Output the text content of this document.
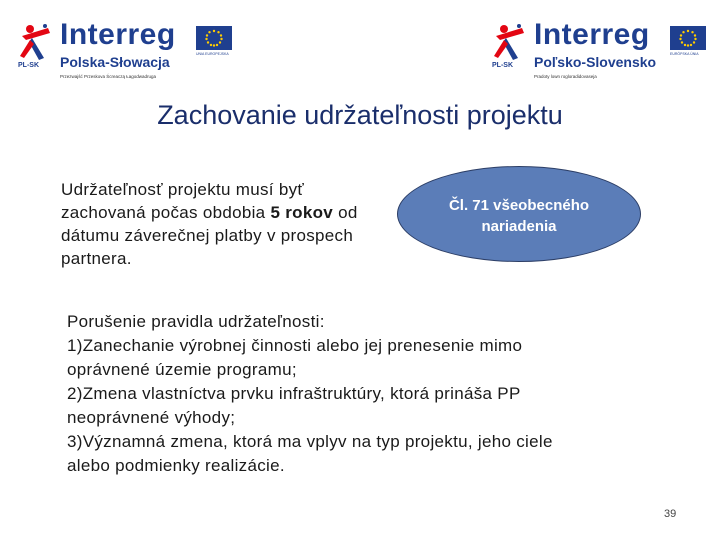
PL-SK
Interreg
Polska-Słowacja
Przezwajść Przeskova Ścreaczą Łagodwadruga
UNIA EUROPEJSKA
PL-SK
Interreg
Poľsko-Slovensko
Pradoty lown rogloradidovaseja
EURÓPSKA ÚNIA
Zachovanie udržateľnosti projektu
Udržateľnosť projektu musí byť zachovaná počas obdobia 5 rokov od dátumu záverečnej platby v prospech partnera.
Čl. 71 všeobecného nariadenia
Porušenie pravidla udržateľnosti:
1)Zanechanie výrobnej činnosti alebo jej prenesenie mimo
oprávnené územie programu;
2)Zmena vlastníctva prvku infraštruktúry, ktorá prináša PP
neoprávnené výhody;
3)Významná zmena, ktorá ma vplyv na typ projektu, jeho ciele
alebo podmienky realizácie.
39
